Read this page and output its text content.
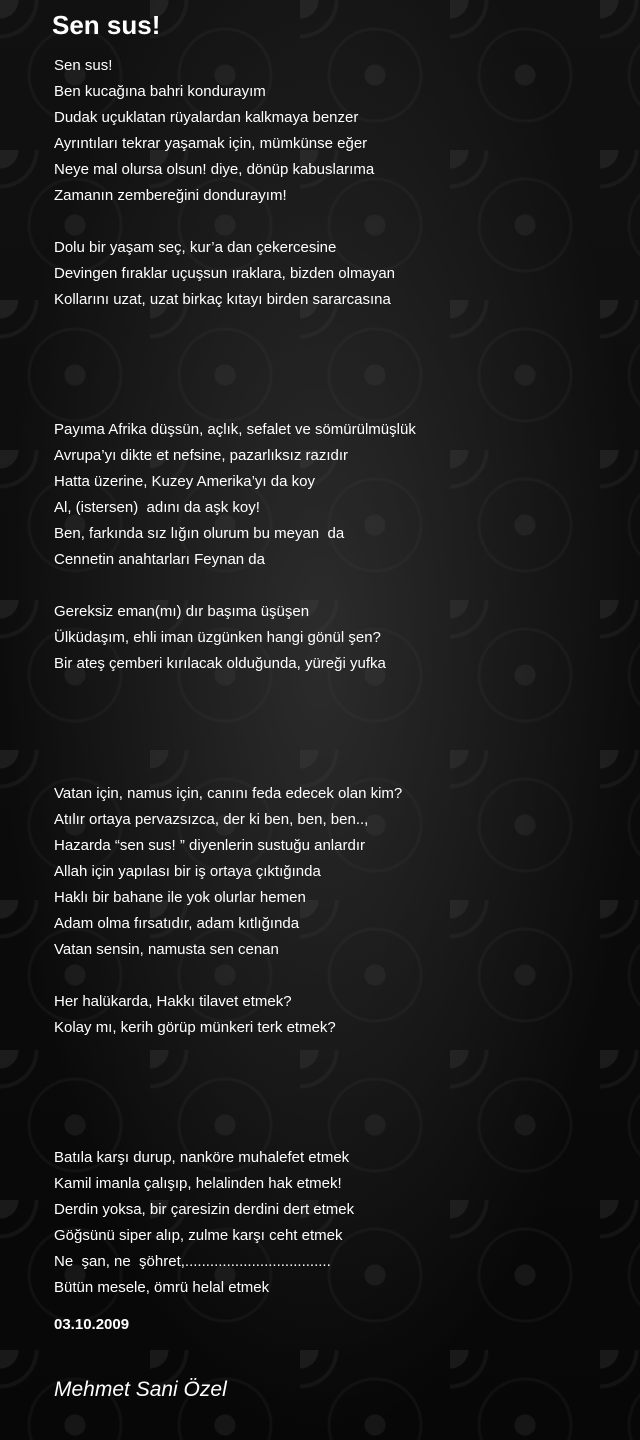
Sen sus!
Sen sus!
Ben kucağına bahri kondurayım
Dudak uçuklatan rüyalardan kalkmaya benzer
Ayrıntıları tekrar yaşamak için, mümkünse eğer
Neye mal olursa olsun! diye, dönüp kabuslarıma
Zamanın zembereğini dondurayım!
Dolu bir yaşam seç, kur’a dan çekercesine
Devingen fıraklar uçuşsun ıraklara, bizden olmayan
Kollarını uzat, uzat birkaç kıtayı birden sararcasına
Payıma Afrika düşsün, açlık, sefalet ve sömürülmüşlük
Avrupa’yı dikte et nefsine, pazarlıksız razıdır
Hatta üzerine, Kuzey Amerika’yı da koy
Al, (istersen)  adını da aşk koy!
Ben, farkında sız lığın olurum bu meyan  da
Cennetin anahtarları Feynan da
Gereksiz eman(mı) dır başıma üşüşen
Ülküdaşım, ehli iman üzgünken hangi gönül şen?
Bir ateş çemberi kırılacak olduğunda, yüreği yufka
Vatan için, namus için, canını feda edecek olan kim?
Atılır ortaya pervazsızca, der ki ben, ben, ben..,
Hazarda “sen sus! ” diyenlerin sustuğu anlardır
Allah için yapılası bir iş ortaya çıktığında
Haklı bir bahane ile yok olurlar hemen
Adam olma fırsatıdır, adam kıtlığında
Vatan sensin, namusta sen cenan
Her halükarda, Hakkı tilavet etmek?
Kolay mı, kerih görüp münkeri terk etmek?
Batıla karşı durup, nanköre muhalefet etmek
Kamil imanla çalışıp, helalinden hak etmek!
Derdin yoksa, bir çaresizin derdini dert etmek
Göğsünü siper alıp, zulme karşı ceht etmek
Ne  şan, ne  şöhret,...................................
Bütün mesele, ömrü helal etmek
03.10.2009
Mehmet Sani Özel
